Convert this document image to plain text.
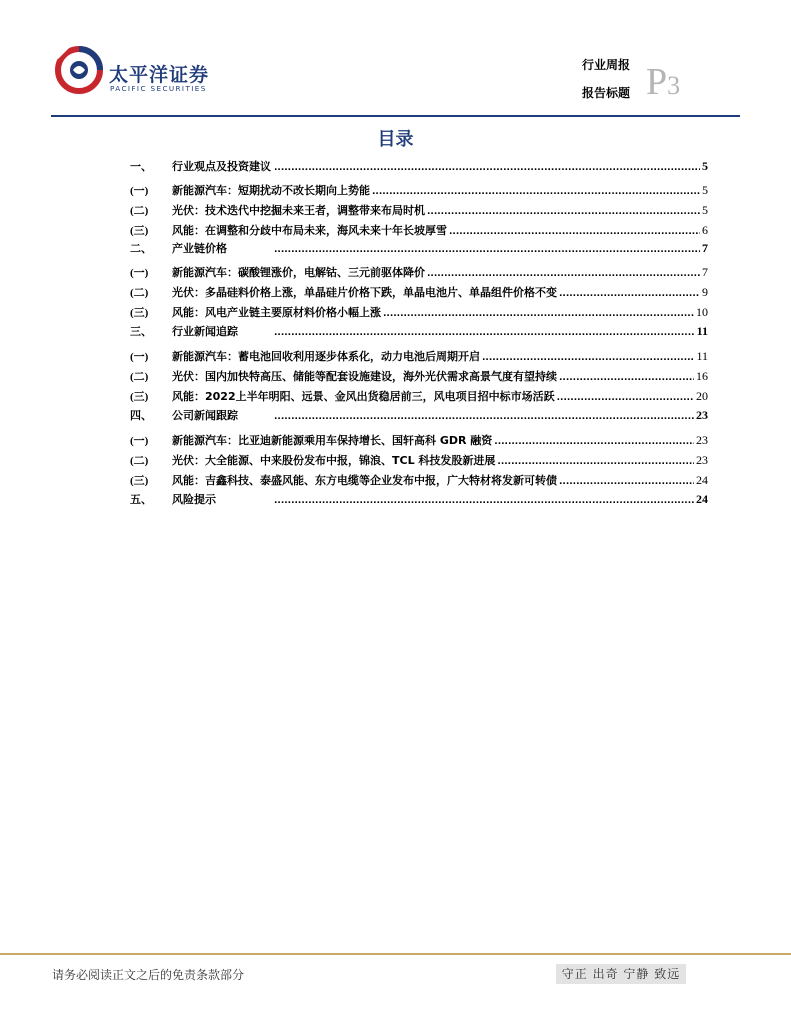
太平洋证券
PACIFIC SECURITIES
行业周报
报告标题 P3
目录
一、	行业观点及投资建议 .....	5
(一)	新能源汽车：短期扰动不改长期向上势能 .....	5
(二)	光伏：技术迭代中挖掘未来王者，调整带来布局时机 .....	5
(三)	风能：在调整和分歧中布局未来，海风未来十年长坡厚雪 .....	6
二、	产业链价格 .....	7
(一)	新能源汽车：碳酸锂涨价，电解钴、三元前驱体降价 .....	7
(二)	光伏：多晶硅料价格上涨，单晶硅片价格下跌，单晶电池片、单晶组件价格不变 .....	9
(三)	风能：风电产业链主要原材料价格小幅上涨 .....	10
三、	行业新闻追踪 .....	11
(一)	新能源汽车：蓄电池回收利用逐步体系化，动力电池后周期开启 .....	11
(二)	光伏：国内加快特高压、储能等配套设施建设，海外光伏需求高景气度有望持续 .....	16
(三)	风能：2022上半年明阳、远景、金风出货稳居前三，风电项目招中标市场活跃 .....	20
四、	公司新闻跟踪 .....	23
(一)	新能源汽车：比亚迪新能源乘用车保持增长、国轩高科 GDR 融资 .....	23
(二)	光伏：大全能源、中来股份发布中报，锦浪、TCL 科技发股新进展 .....	23
(三)	风能：吉鑫科技、泰盛风能、东方电缆等企业发布中报，广大特材将发新可转债 .....	24
五、	风险提示 .....	24
请务必阅读正文之后的免责条款部分	守正 出奇 宁静 致远
